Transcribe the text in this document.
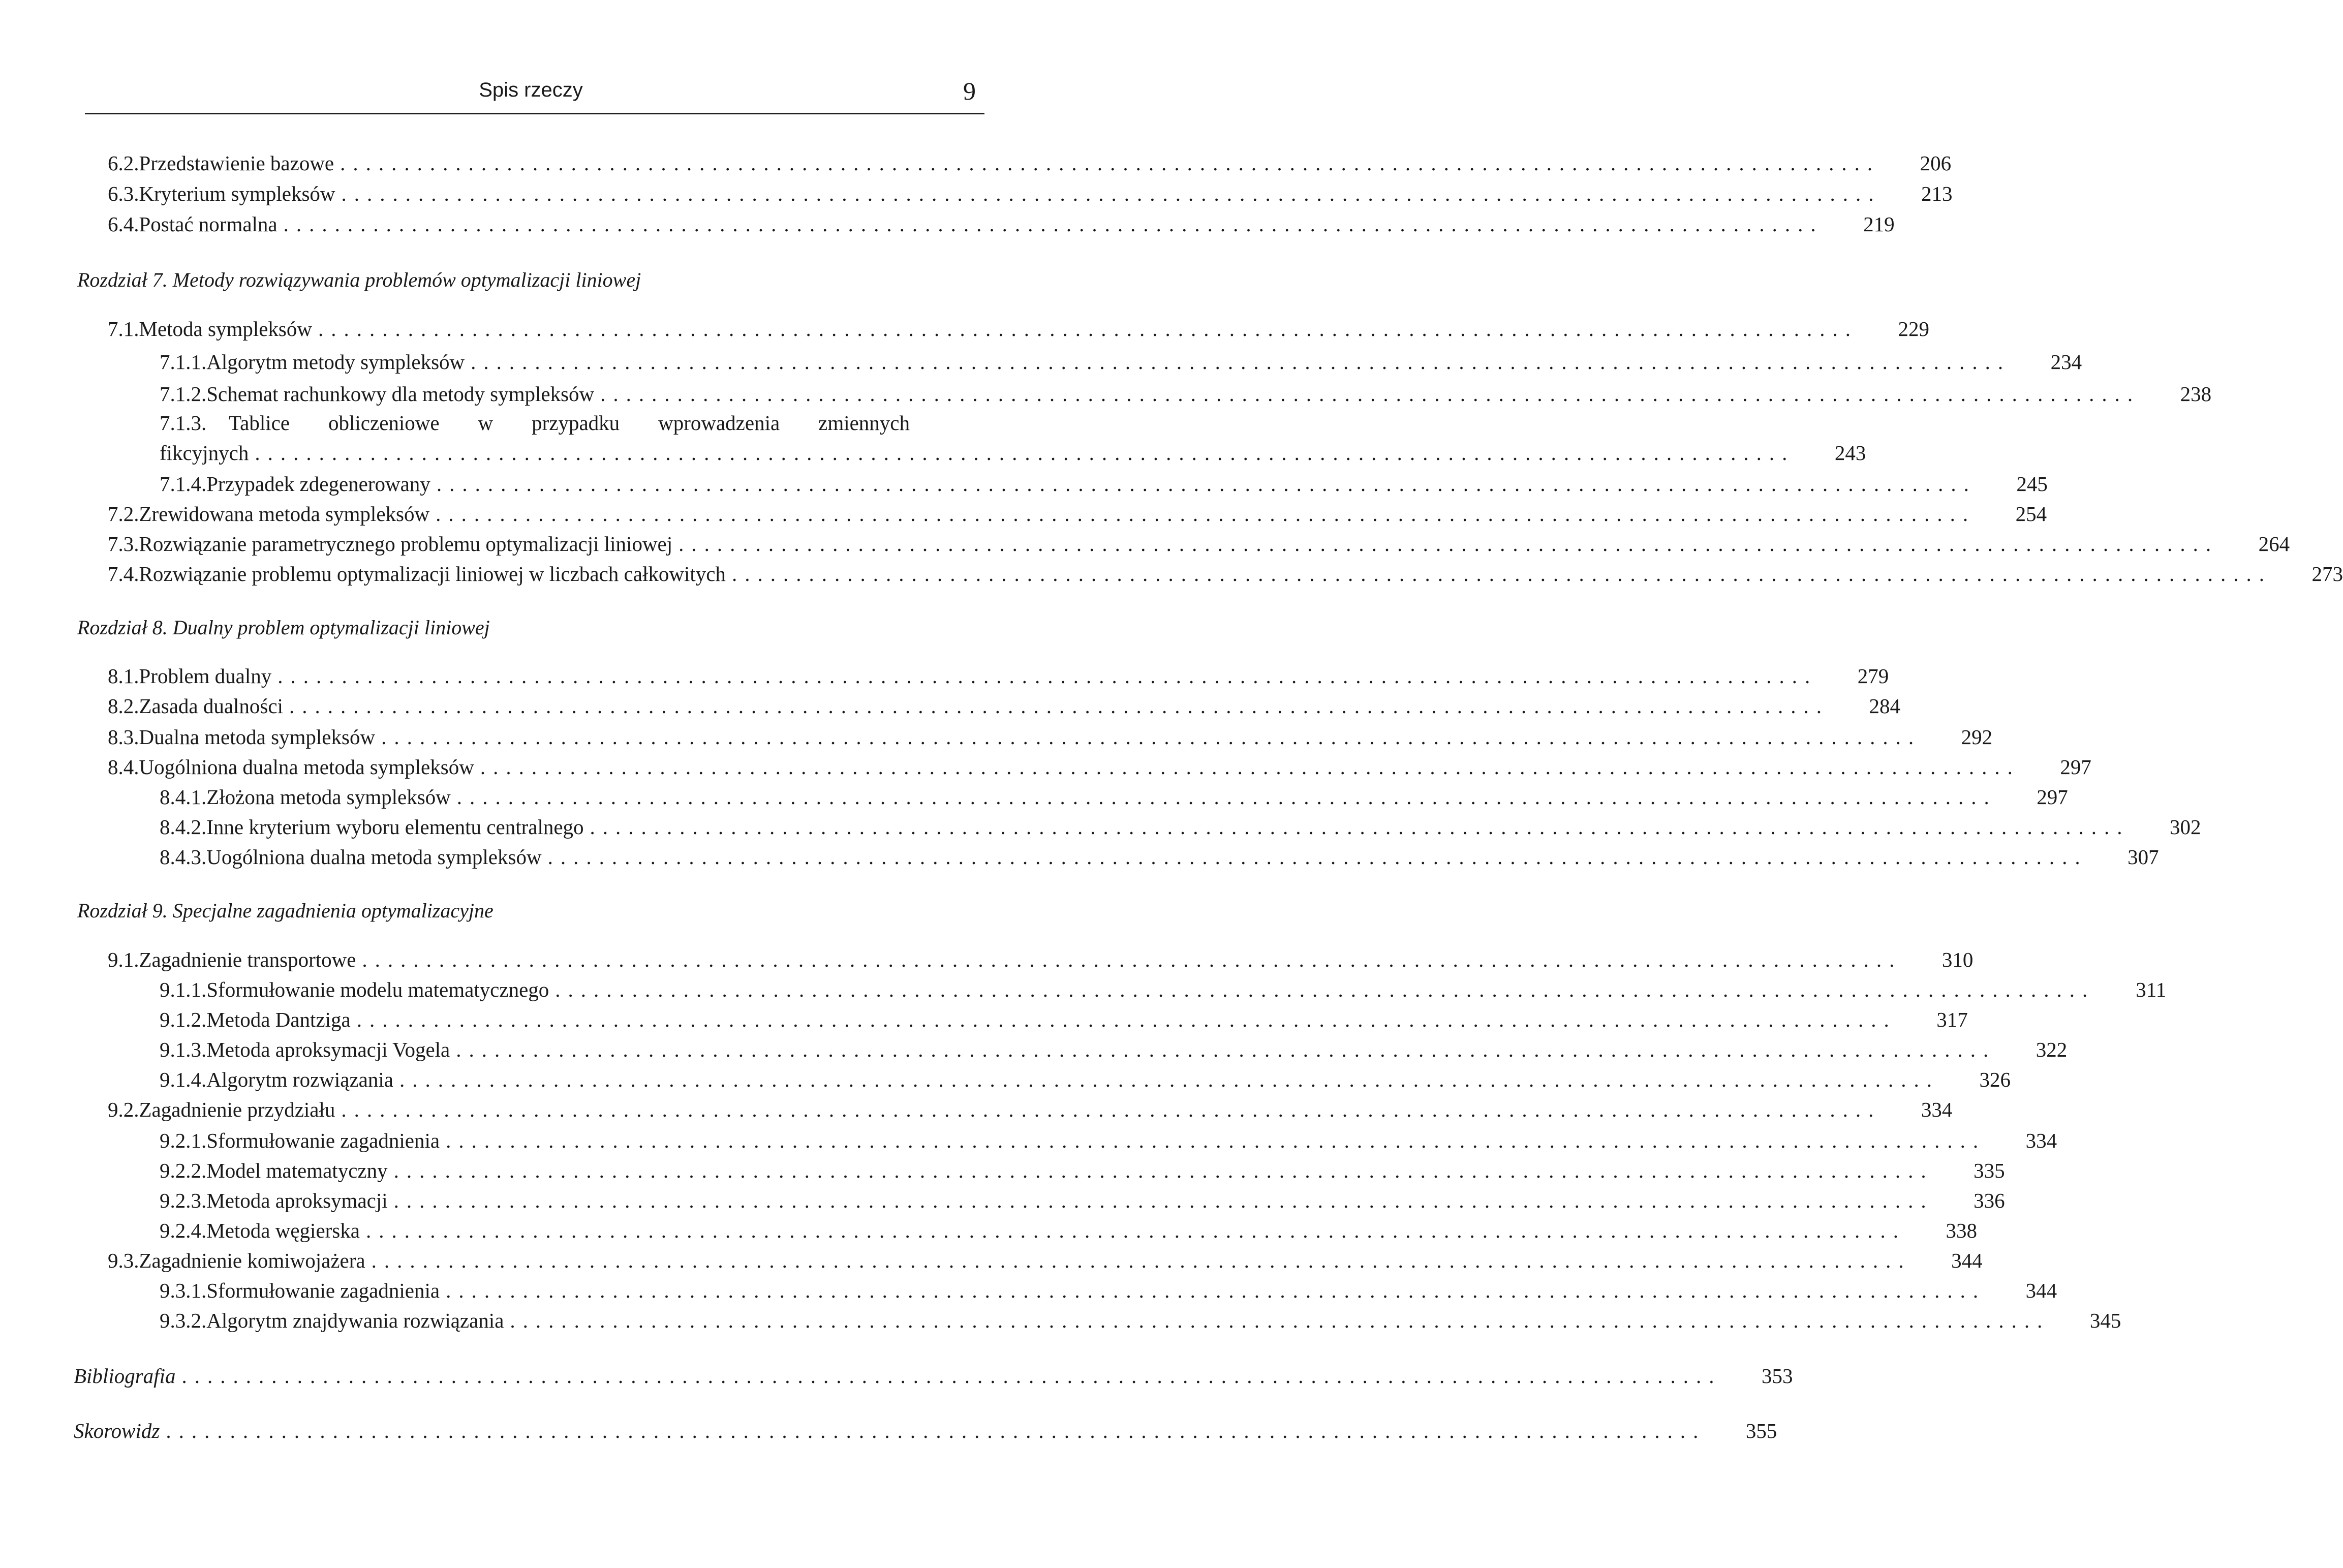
Spis rzeczy	9
6.2. Przedstawienie bazowe ........................................................................................................................	206
6.3. Kryterium sympleksów ........................................................................................................................	213
6.4. Postać normalna ........................................................................................................................	219
Rozdział 7. Metody rozwiązywania problemów optymalizacji liniowej
7.1. Metoda sympleksów ........................................................................................................................	229
7.1.1. Algorytm metody sympleksów ........................................................................................................................	234
7.1.2. Schemat rachunkowy dla metody sympleksów ........................................................................................................................	238
7.1.3.	Tablice obliczeniowe w przypadku wprowadzenia zmiennych
fikcyjnych ........................................................................................................................	243
7.1.4. Przypadek zdegenerowany ........................................................................................................................	245
7.2. Zrewidowana metoda sympleksów ........................................................................................................................	254
7.3. Rozwiązanie parametrycznego problemu optymalizacji liniowej ........................................................................................................................	264
7.4. Rozwiązanie problemu optymalizacji liniowej w liczbach całkowitych ........................................................................................................................	273
Rozdział 8. Dualny problem optymalizacji liniowej
8.1. Problem dualny ........................................................................................................................	279
8.2. Zasada dualności ........................................................................................................................	284
8.3. Dualna metoda sympleksów ........................................................................................................................	292
8.4. Uogólniona dualna metoda sympleksów ........................................................................................................................	297
8.4.1. Złożona metoda sympleksów ........................................................................................................................	297
8.4.2. Inne kryterium wyboru elementu centralnego ........................................................................................................................	302
8.4.3. Uogólniona dualna metoda sympleksów ........................................................................................................................	307
Rozdział 9. Specjalne zagadnienia optymalizacyjne
9.1. Zagadnienie transportowe ........................................................................................................................	310
9.1.1. Sformułowanie modelu matematycznego ........................................................................................................................	311
9.1.2. Metoda Dantziga ........................................................................................................................	317
9.1.3. Metoda aproksymacji Vogela ........................................................................................................................	322
9.1.4. Algorytm rozwiązania ........................................................................................................................	326
9.2. Zagadnienie przydziału ........................................................................................................................	334
9.2.1. Sformułowanie zagadnienia ........................................................................................................................	334
9.2.2. Model matematyczny ........................................................................................................................	335
9.2.3. Metoda aproksymacji ........................................................................................................................	336
9.2.4. Metoda węgierska ........................................................................................................................	338
9.3. Zagadnienie komiwojażera ........................................................................................................................	344
9.3.1. Sformułowanie zagadnienia ........................................................................................................................	344
9.3.2. Algorytm znajdywania rozwiązania ........................................................................................................................	345
Bibliografia ........................................................................................................................	353
Skorowidz ........................................................................................................................	355
